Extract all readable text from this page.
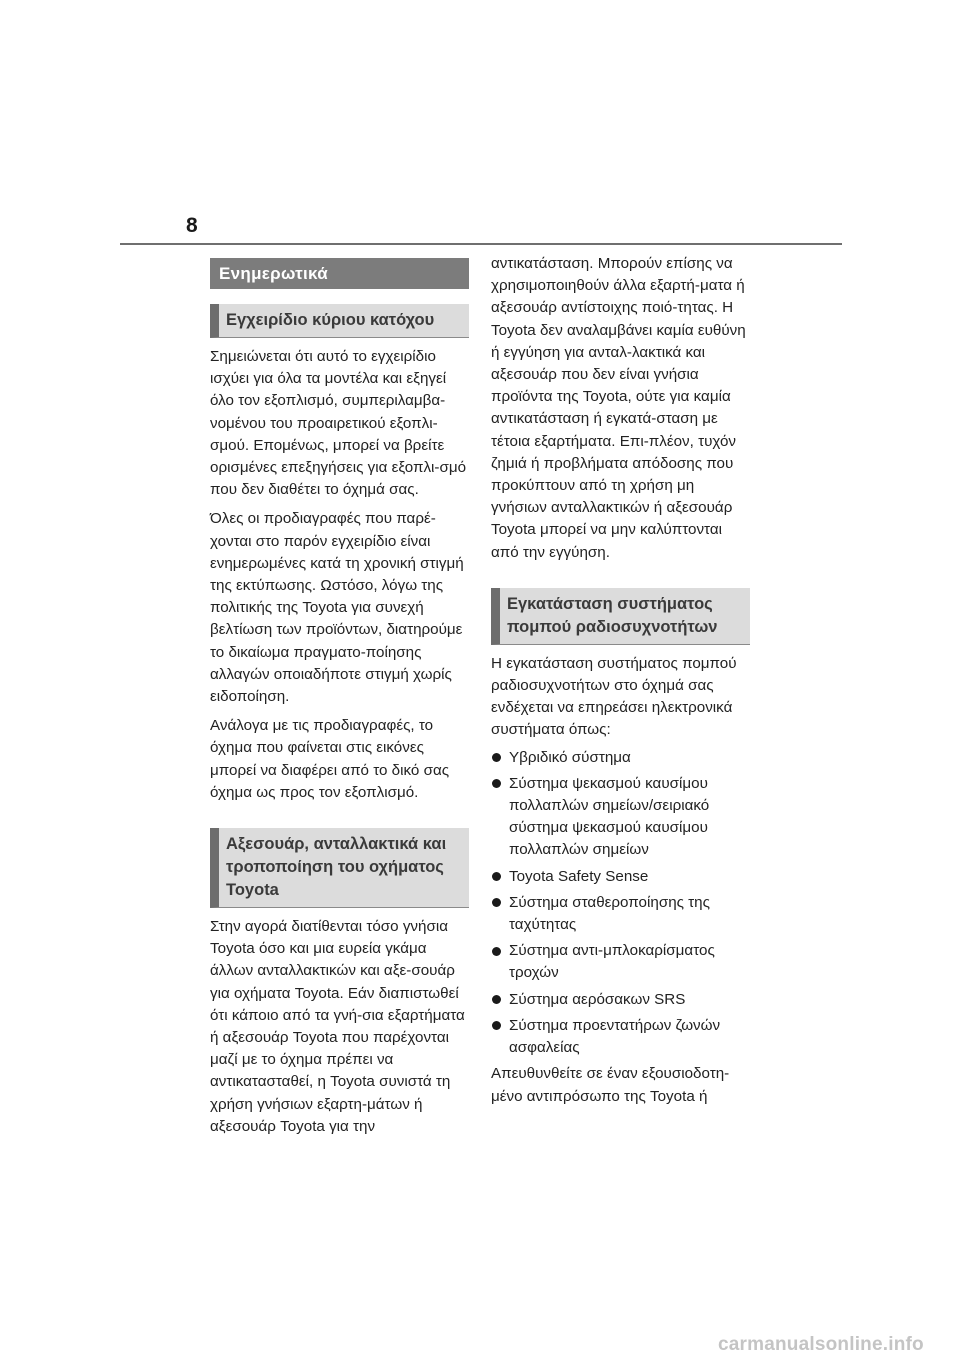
8
Ενημερωτικά
Εγχειρίδιο κύριου κατόχου

Σημειώνεται ότι αυτό το εγχειρίδιο ισχύει για όλα τα μοντέλα και εξηγεί όλο τον εξοπλισμό, συμπεριλαμβα-νομένου του προαιρετικού εξοπλι-σμού. Επομένως, μπορεί να βρείτε ορισμένες επεξηγήσεις για εξοπλι-σμό που δεν διαθέτει το όχημά σας.

Όλες οι προδιαγραφές που παρέ-χονται στο παρόν εγχειρίδιο είναι ενημερωμένες κατά τη χρονική στιγμή της εκτύπωσης. Ωστόσο, λόγω της πολιτικής της Toyota για συνεχή βελτίωση των προϊόντων, διατηρούμε το δικαίωμα πραγματο-ποίησης αλλαγών οποιαδήποτε στιγμή χωρίς ειδοποίηση.

Ανάλογα με τις προδιαγραφές, το όχημα που φαίνεται στις εικόνες μπορεί να διαφέρει από το δικό σας όχημα ως προς τον εξοπλισμό.

Αξεσουάρ, ανταλλακτικά και τροποποίηση του οχήματος Toyota

Στην αγορά διατίθενται τόσο γνήσια Toyota όσο και μια ευρεία γκάμα άλλων ανταλλακτικών και αξε-σουάρ για οχήματα Toyota. Εάν διαπιστωθεί ότι κάποιο από τα γνή-σια εξαρτήματα ή αξεσουάρ Toyota που παρέχονται μαζί με το όχημα πρέπει να αντικατασταθεί, η Toyota συνιστά τη χρήση γνήσιων εξαρτη-μάτων ή αξεσουάρ Toyota για την

αντικατάσταση. Μπορούν επίσης να χρησιμοποιηθούν άλλα εξαρτή-ματα ή αξεσουάρ αντίστοιχης ποιό-τητας. Η Toyota δεν αναλαμβάνει καμία ευθύνη ή εγγύηση για ανταλ-λακτικά και αξεσουάρ που δεν είναι γνήσια προϊόντα της Toyota, ούτε για καμία αντικατάσταση ή εγκατά-σταση με τέτοια εξαρτήματα. Επι-πλέον, τυχόν ζημιά ή προβλήματα απόδοσης που προκύπτουν από τη χρήση μη γνήσιων ανταλλακτικών ή αξεσουάρ Toyota μπορεί να μην καλύπτονται από την εγγύηση.

Εγκατάσταση συστήματος πομπού ραδιοσυχνοτήτων

Η εγκατάσταση συστήματος πομπού ραδιοσυχνοτήτων στο όχημά σας ενδέχεται να επηρεάσει ηλεκτρονικά συστήματα όπως:

Υβριδικό σύστημα
Σύστημα ψεκασμού καυσίμου πολλαπλών σημείων/σειριακό σύστημα ψεκασμού καυσίμου πολλαπλών σημείων
Toyota Safety Sense
Σύστημα σταθεροποίησης της ταχύτητας
Σύστημα αντι-μπλοκαρίσματος τροχών
Σύστημα αερόσακων SRS
Σύστημα προεντατήρων ζωνών ασφαλείας

Απευθυνθείτε σε έναν εξουσιοδοτη-μένο αντιπρόσωπο της Toyota ή

carmanualsonline.info
